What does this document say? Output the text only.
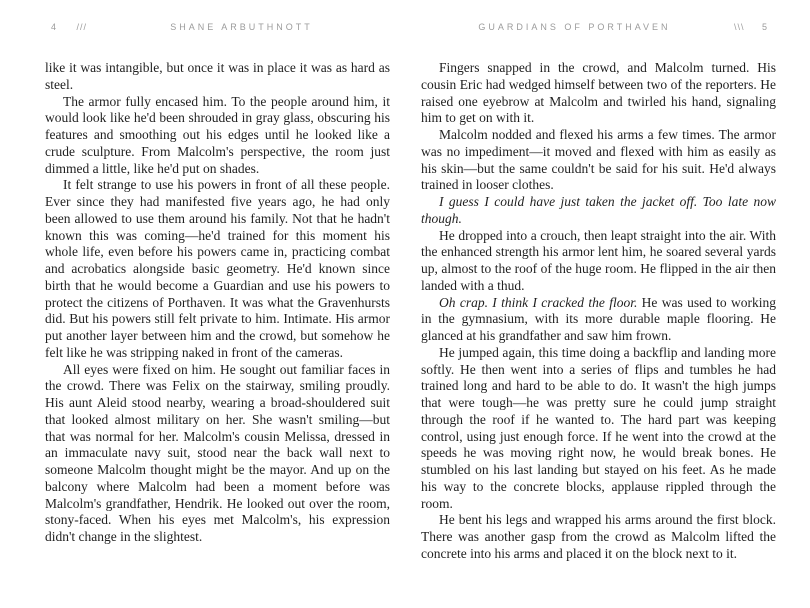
4 ///	SHANE ARBUTHNOTT

like it was intangible, but once it was in place it was as hard as steel.

The armor fully encased him. To the people around him, it would look like he'd been shrouded in gray glass, obscuring his features and smoothing out his edges until he looked like a crude sculpture. From Malcolm's perspective, the room just dimmed a little, like he'd put on shades.

It felt strange to use his powers in front of all these people. Ever since they had manifested five years ago, he had only been allowed to use them around his family. Not that he hadn't known this was coming—he'd trained for this moment his whole life, even before his powers came in, practicing combat and acrobatics alongside basic geometry. He'd known since birth that he would become a Guardian and use his powers to protect the citizens of Porthaven. It was what the Gravenhursts did. But his powers still felt private to him. Intimate. His armor put another layer between him and the crowd, but somehow he felt like he was stripping naked in front of the cameras.

All eyes were fixed on him. He sought out familiar faces in the crowd. There was Felix on the stairway, smiling proudly. His aunt Aleid stood nearby, wearing a broad-shouldered suit that looked almost military on her. She wasn't smiling—but that was normal for her. Malcolm's cousin Melissa, dressed in an immaculate navy suit, stood near the back wall next to someone Malcolm thought might be the mayor. And up on the balcony where Malcolm had been a moment before was Malcolm's grandfather, Hendrik. He looked out over the room, stony-faced. When his eyes met Malcolm's, his expression didn't change in the slightest.

GUARDIANS OF PORTHAVEN	\\\ 5

Fingers snapped in the crowd, and Malcolm turned. His cousin Eric had wedged himself between two of the reporters. He raised one eyebrow at Malcolm and twirled his hand, signaling him to get on with it.

Malcolm nodded and flexed his arms a few times. The armor was no impediment—it moved and flexed with him as easily as his skin—but the same couldn't be said for his suit. He'd always trained in looser clothes.

I guess I could have just taken the jacket off. Too late now though.

He dropped into a crouch, then leapt straight into the air. With the enhanced strength his armor lent him, he soared several yards up, almost to the roof of the huge room. He flipped in the air then landed with a thud.

Oh crap. I think I cracked the floor. He was used to working in the gymnasium, with its more durable maple flooring. He glanced at his grandfather and saw him frown.

He jumped again, this time doing a backflip and landing more softly. He then went into a series of flips and tumbles he had trained long and hard to be able to do. It wasn't the high jumps that were tough—he was pretty sure he could jump straight through the roof if he wanted to. The hard part was keeping control, using just enough force. If he went into the crowd at the speeds he was moving right now, he would break bones. He stumbled on his last landing but stayed on his feet. As he made his way to the concrete blocks, applause rippled through the room.

He bent his legs and wrapped his arms around the first block. There was another gasp from the crowd as Malcolm lifted the concrete into his arms and placed it on the block next to it.
